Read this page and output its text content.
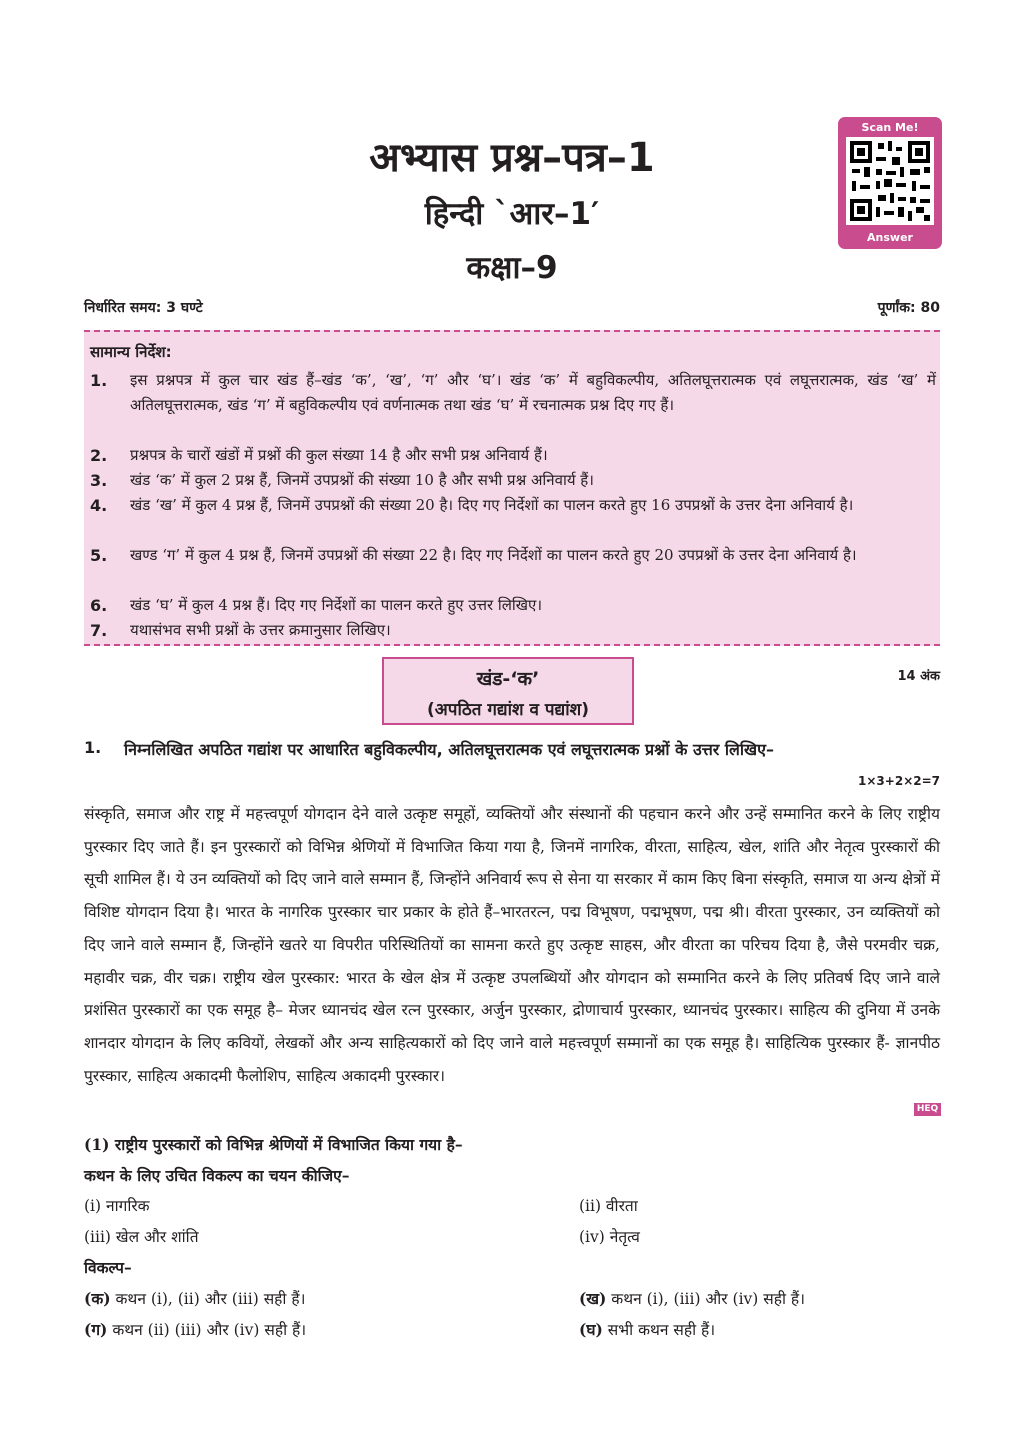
अभ्यास प्रश्न–पत्र–1
हिन्दी `आर–1′
कक्षा–9
Scan Me!
Answer
निर्धारित समय: 3 घण्टे	पूर्णांक: 80
सामान्य निर्देश:
1. इस प्रश्नपत्र में कुल चार खंड हैं–खंड ‘क’, ‘ख’, ‘ग’ और ‘घ’। खंड ‘क’ में बहुविकल्पीय, अतिलघूत्तरात्मक एवं लघूत्तरात्मक, खंड ‘ख’ में अतिलघूत्तरात्मक, खंड ‘ग’ में बहुविकल्पीय एवं वर्णनात्मक तथा खंड ‘घ’ में रचनात्मक प्रश्न दिए गए हैं।
2. प्रश्नपत्र के चारों खंडों में प्रश्नों की कुल संख्या 14 है और सभी प्रश्न अनिवार्य हैं।
3. खंड ‘क’ में कुल 2 प्रश्न हैं, जिनमें उपप्रश्नों की संख्या 10 है और सभी प्रश्न अनिवार्य हैं।
4. खंड ‘ख’ में कुल 4 प्रश्न हैं, जिनमें उपप्रश्नों की संख्या 20 है। दिए गए निर्देशों का पालन करते हुए 16 उपप्रश्नों के उत्तर देना अनिवार्य है।
5. खण्ड ‘ग’ में कुल 4 प्रश्न हैं, जिनमें उपप्रश्नों की संख्या 22 है। दिए गए निर्देशों का पालन करते हुए 20 उपप्रश्नों के उत्तर देना अनिवार्य है।
6. खंड ‘घ’ में कुल 4 प्रश्न हैं। दिए गए निर्देशों का पालन करते हुए उत्तर लिखिए।
7. यथासंभव सभी प्रश्नों के उत्तर क्रमानुसार लिखिए।
खंड-‘क’
(अपठित गद्यांश व पद्यांश)
14 अंक
1. निम्नलिखित अपठित गद्यांश पर आधारित बहुविकल्पीय, अतिलघूत्तरात्मक एवं लघूत्तरात्मक प्रश्नों के उत्तर लिखिए–
1×3+2×2=7
संस्कृति, समाज और राष्ट्र में महत्त्वपूर्ण योगदान देने वाले उत्कृष्ट समूहों, व्यक्तियों और संस्थानों की पहचान करने और उन्हें सम्मानित करने के लिए राष्ट्रीय पुरस्कार दिए जाते हैं। इन पुरस्कारों को विभिन्न श्रेणियों में विभाजित किया गया है, जिनमें नागरिक, वीरता, साहित्य, खेल, शांति और नेतृत्व पुरस्कारों की सूची शामिल हैं। ये उन व्यक्तियों को दिए जाने वाले सम्मान हैं, जिन्होंने अनिवार्य रूप से सेना या सरकार में काम किए बिना संस्कृति, समाज या अन्य क्षेत्रों में विशिष्ट योगदान दिया है। भारत के नागरिक पुरस्कार चार प्रकार के होते हैं–भारतरत्न, पद्म विभूषण, पद्मभूषण, पद्म श्री। वीरता पुरस्कार, उन व्यक्तियों को दिए जाने वाले सम्मान हैं, जिन्होंने खतरे या विपरीत परिस्थितियों का सामना करते हुए उत्कृष्ट साहस, और वीरता का परिचय दिया है, जैसे परमवीर चक्र, महावीर चक्र, वीर चक्र। राष्ट्रीय खेल पुरस्कार: भारत के खेल क्षेत्र में उत्कृष्ट उपलब्धियों और योगदान को सम्मानित करने के लिए प्रतिवर्ष दिए जाने वाले प्रशंसित पुरस्कारों का एक समूह है– मेजर ध्यानचंद खेल रत्न पुरस्कार, अर्जुन पुरस्कार, द्रोणाचार्य पुरस्कार, ध्यानचंद पुरस्कार। साहित्य की दुनिया में उनके शानदार योगदान के लिए कवियों, लेखकों और अन्य साहित्यकारों को दिए जाने वाले महत्त्वपूर्ण सम्मानों का एक समूह है। साहित्यिक पुरस्कार हैं- ज्ञानपीठ पुरस्कार, साहित्य अकादमी फैलोशिप, साहित्य अकादमी पुरस्कार।
HEQ
(1) राष्ट्रीय पुरस्कारों को विभिन्न श्रेणियों में विभाजित किया गया है–
कथन के लिए उचित विकल्प का चयन कीजिए–
(i) नागरिक	(ii) वीरता
(iii) खेल और शांति	(iv) नेतृत्व
विकल्प–
(क) कथन (i), (ii) और (iii) सही हैं।	(ख) कथन (i), (iii) और (iv) सही हैं।
(ग) कथन (ii) (iii) और (iv) सही हैं।	(घ) सभी कथन सही हैं।
